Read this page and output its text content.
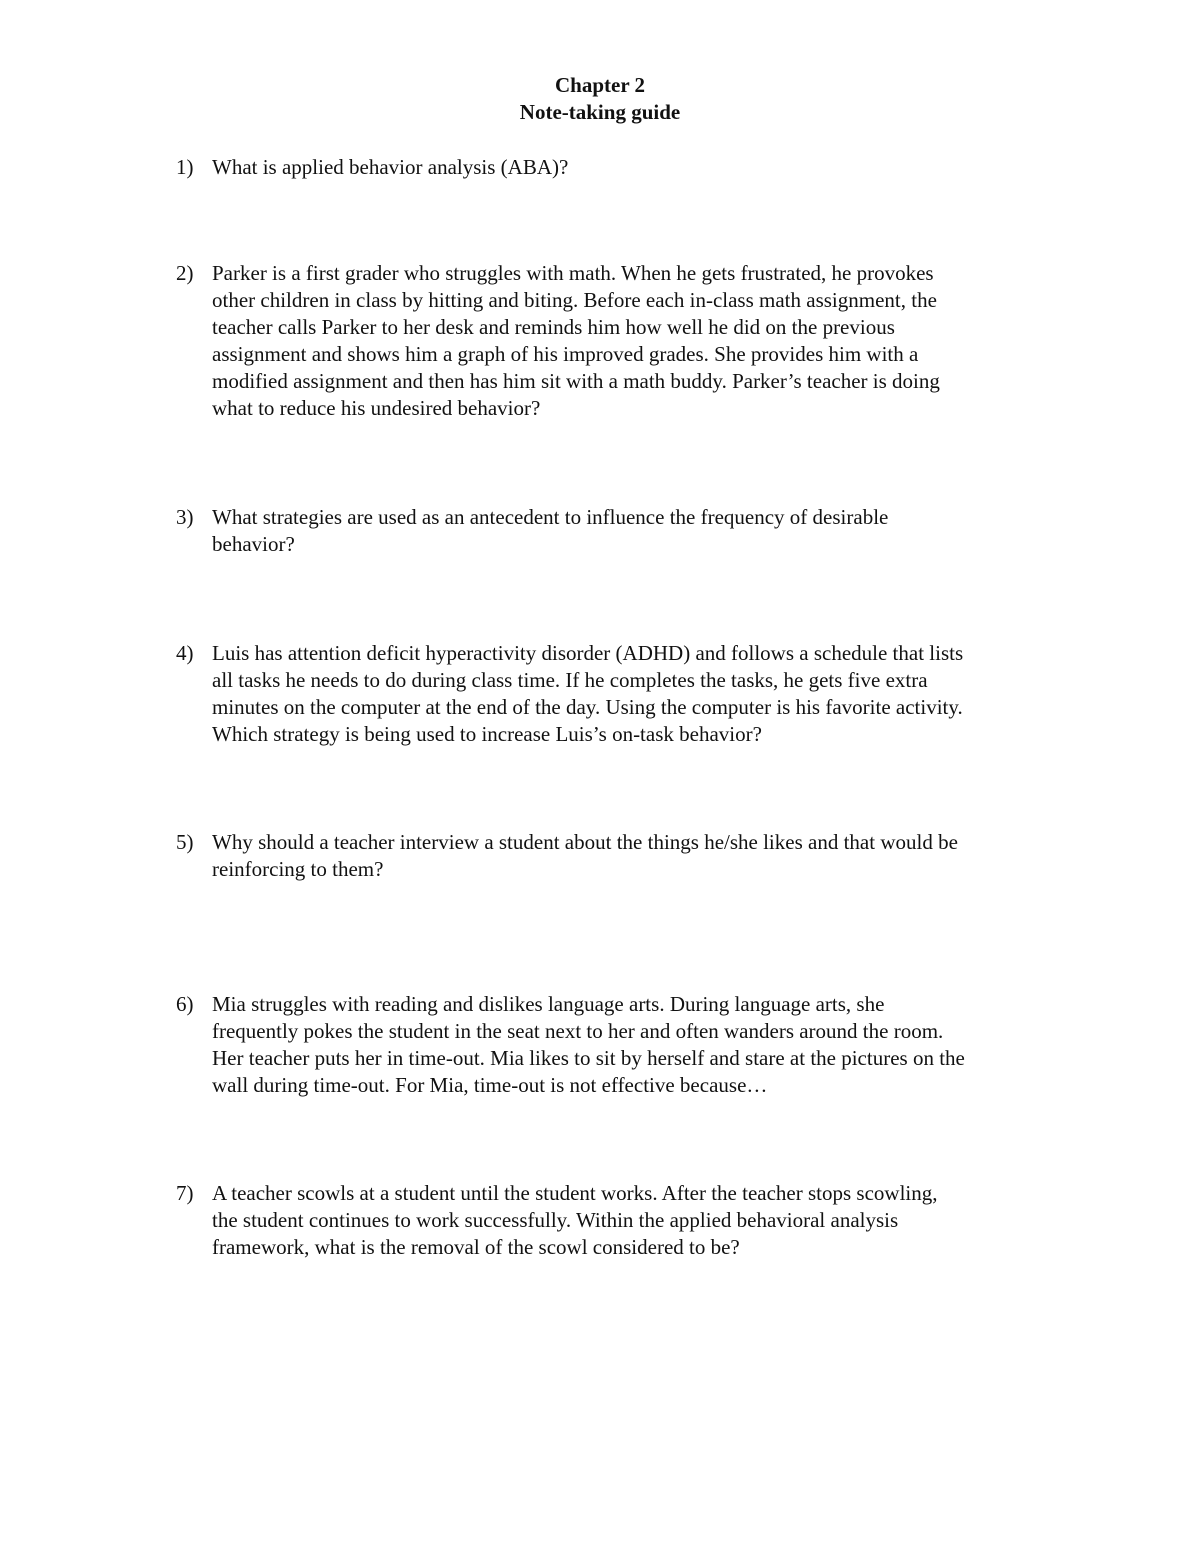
Chapter 2
Note-taking guide
1) What is applied behavior analysis (ABA)?
2) Parker is a first grader who struggles with math. When he gets frustrated, he provokes
other children in class by hitting and biting. Before each in-class math assignment, the
teacher calls Parker to her desk and reminds him how well he did on the previous
assignment and shows him a graph of his improved grades. She provides him with a
modified assignment and then has him sit with a math buddy. Parker’s teacher is doing
what to reduce his undesired behavior?
3) What strategies are used as an antecedent to influence the frequency of desirable
behavior?
4) Luis has attention deficit hyperactivity disorder (ADHD) and follows a schedule that lists
all tasks he needs to do during class time. If he completes the tasks, he gets five extra
minutes on the computer at the end of the day. Using the computer is his favorite activity.
Which strategy is being used to increase Luis’s on-task behavior?
5) Why should a teacher interview a student about the things he/she likes and that would be
reinforcing to them?
6) Mia struggles with reading and dislikes language arts. During language arts, she
frequently pokes the student in the seat next to her and often wanders around the room.
Her teacher puts her in time-out. Mia likes to sit by herself and stare at the pictures on the
wall during time-out. For Mia, time-out is not effective because…
7) A teacher scowls at a student until the student works. After the teacher stops scowling,
the student continues to work successfully. Within the applied behavioral analysis
framework, what is the removal of the scowl considered to be?
